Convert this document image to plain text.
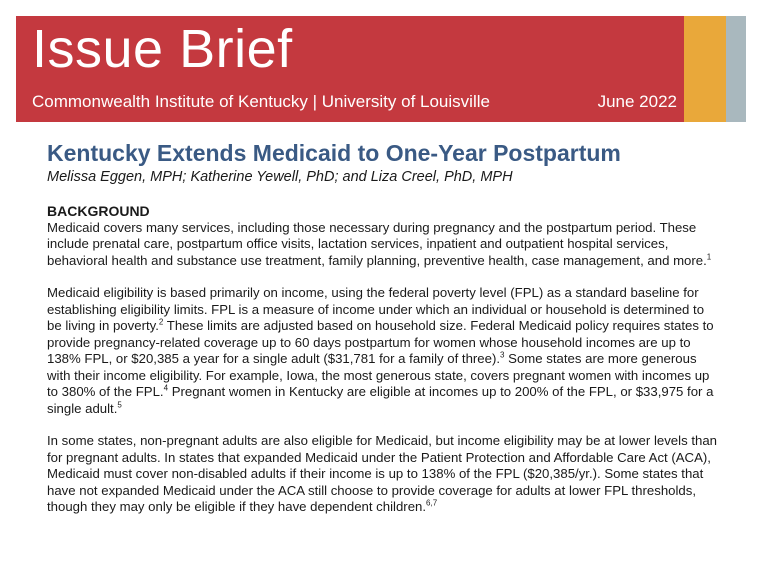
Issue Brief
Commonwealth Institute of Kentucky | University of Louisville	June 2022
Kentucky Extends Medicaid to One-Year Postpartum
Melissa Eggen, MPH; Katherine Yewell, PhD; and Liza Creel, PhD, MPH

BACKGROUND

Medicaid covers many services, including those necessary during pregnancy and the postpartum period. These include prenatal care, postpartum office visits, lactation services, inpatient and outpatient hospital services, behavioral health and substance use treatment, family planning, preventive health, case management, and more.$^1$

Medicaid eligibility is based primarily on income, using the federal poverty level (FPL) as a standard baseline for establishing eligibility limits. FPL is a measure of income under which an individual or household is determined to be living in poverty.$^2$ These limits are adjusted based on household size. Federal Medicaid policy requires states to provide pregnancy-related coverage up to 60 days postpartum for women whose household incomes are up to 138% FPL, or $20,385 a year for a single adult ($31,781 for a family of three).$^3$ Some states are more generous with their income eligibility. For example, Iowa, the most generous state, covers pregnant women with incomes up to 380% of the FPL.$^4$ Pregnant women in Kentucky are eligible at incomes up to 200% of the FPL, or $33,975 for a single adult.$^5$

In some states, non-pregnant adults are also eligible for Medicaid, but income eligibility may be at lower levels than for pregnant adults. In states that expanded Medicaid under the Patient Protection and Affordable Care Act (ACA), Medicaid must cover non-disabled adults if their income is up to 138% of the FPL ($20,385/yr.). Some states that have not expanded Medicaid under the ACA still choose to provide coverage for adults at lower FPL thresholds, though they may only be eligible if they have dependent children.$^{6,7}$
